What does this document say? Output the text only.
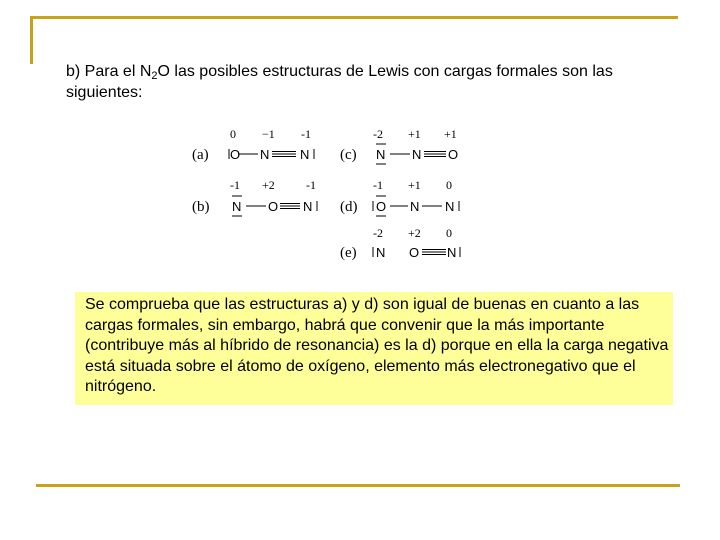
b) Para el $N_2O$ las posibles estructuras de Lewis con cargas formales son las siguientes:
(a)
0 −1 -1
O N N (c)
-2 +1 +1
N N O
(b)
-1 +2	-1
N O N (d)
-1 +1 0
O N N
(e)
-2 +2 0
N O N
Se comprueba que las estructuras a) y d) son igual de buenas en cuanto a las cargas formales, sin embargo, habrá que convenir que la más importante (contribuye más al híbrido de resonancia) es la d) porque en ella la carga negativa está situada sobre el átomo de oxígeno, elemento más electronegativo que el nitrógeno.
